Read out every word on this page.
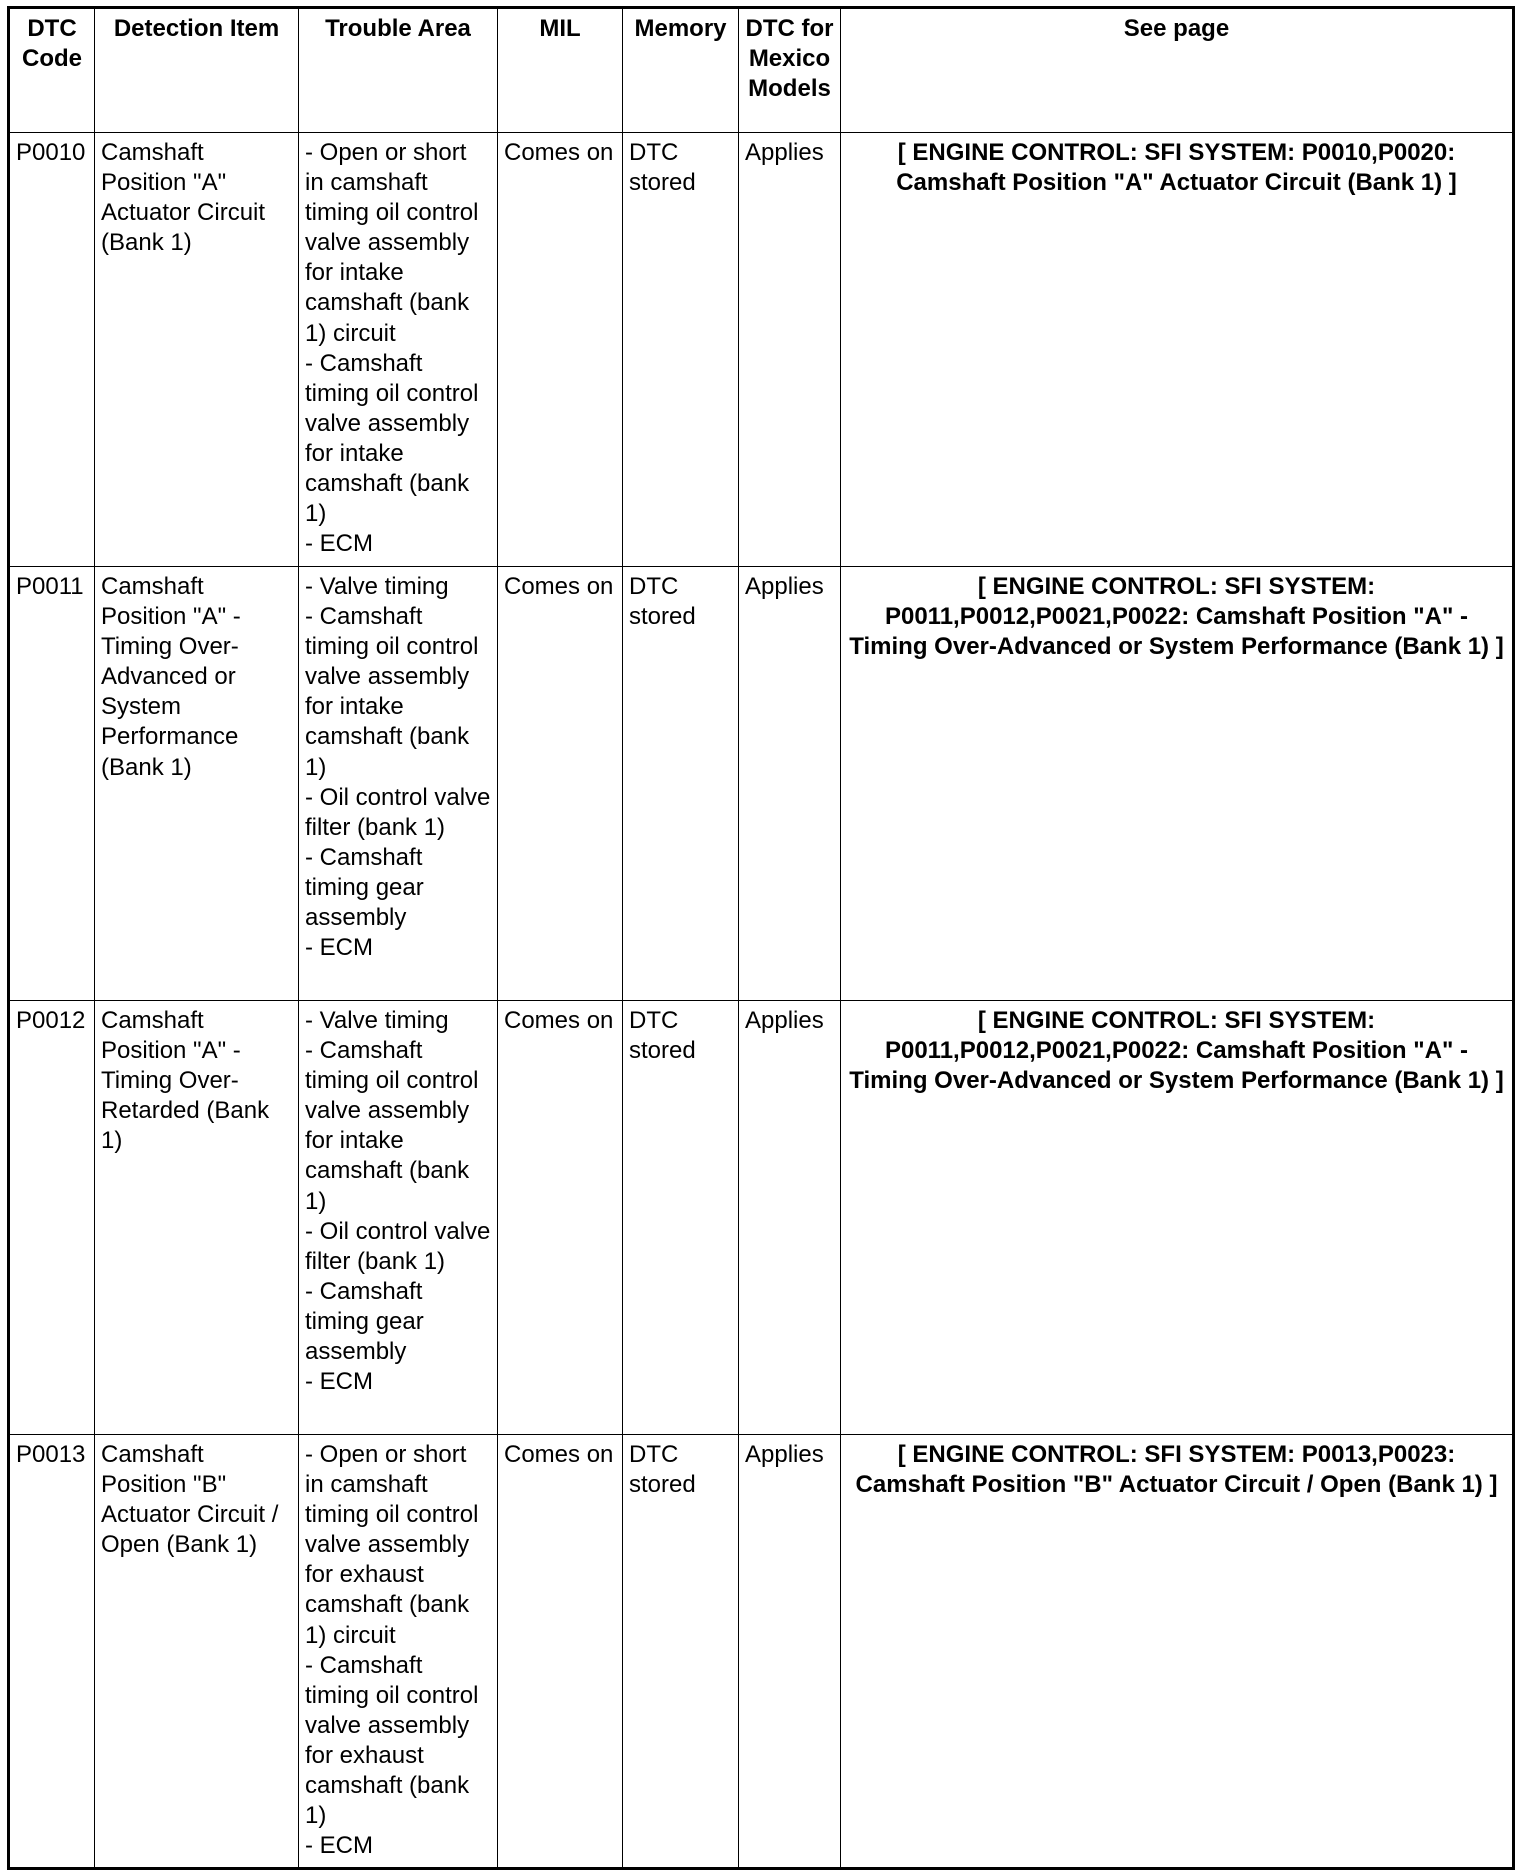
DTC Code	Detection Item	Trouble Area	MIL	Memory	DTC for Mexico Models	See page
P0010	Camshaft Position "A" Actuator Circuit (Bank 1)	- Open or short in camshaft timing oil control valve assembly for intake camshaft (bank 1) circuit
- Camshaft timing oil control valve assembly for intake camshaft (bank 1)
- ECM	Comes on	DTC stored	Applies	[ ENGINE CONTROL: SFI SYSTEM: P0010,P0020: Camshaft Position "A" Actuator Circuit (Bank 1) ]
P0011	Camshaft Position "A" - Timing Over-Advanced or System Performance (Bank 1)	- Valve timing
- Camshaft timing oil control valve assembly for intake camshaft (bank 1)
- Oil control valve filter (bank 1)
- Camshaft timing gear assembly
- ECM	Comes on	DTC stored	Applies	[ ENGINE CONTROL: SFI SYSTEM: P0011,P0012,P0021,P0022: Camshaft Position "A" - Timing Over-Advanced or System Performance (Bank 1) ]
P0012	Camshaft Position "A" - Timing Over-Retarded (Bank 1)	- Valve timing
- Camshaft timing oil control valve assembly for intake camshaft (bank 1)
- Oil control valve filter (bank 1)
- Camshaft timing gear assembly
- ECM	Comes on	DTC stored	Applies	[ ENGINE CONTROL: SFI SYSTEM: P0011,P0012,P0021,P0022: Camshaft Position "A" - Timing Over-Advanced or System Performance (Bank 1) ]
P0013	Camshaft Position "B" Actuator Circuit / Open (Bank 1)	- Open or short in camshaft timing oil control valve assembly for exhaust camshaft (bank 1) circuit
- Camshaft timing oil control valve assembly for exhaust camshaft (bank 1)
- ECM	Comes on	DTC stored	Applies	[ ENGINE CONTROL: SFI SYSTEM: P0013,P0023: Camshaft Position "B" Actuator Circuit / Open (Bank 1) ]
